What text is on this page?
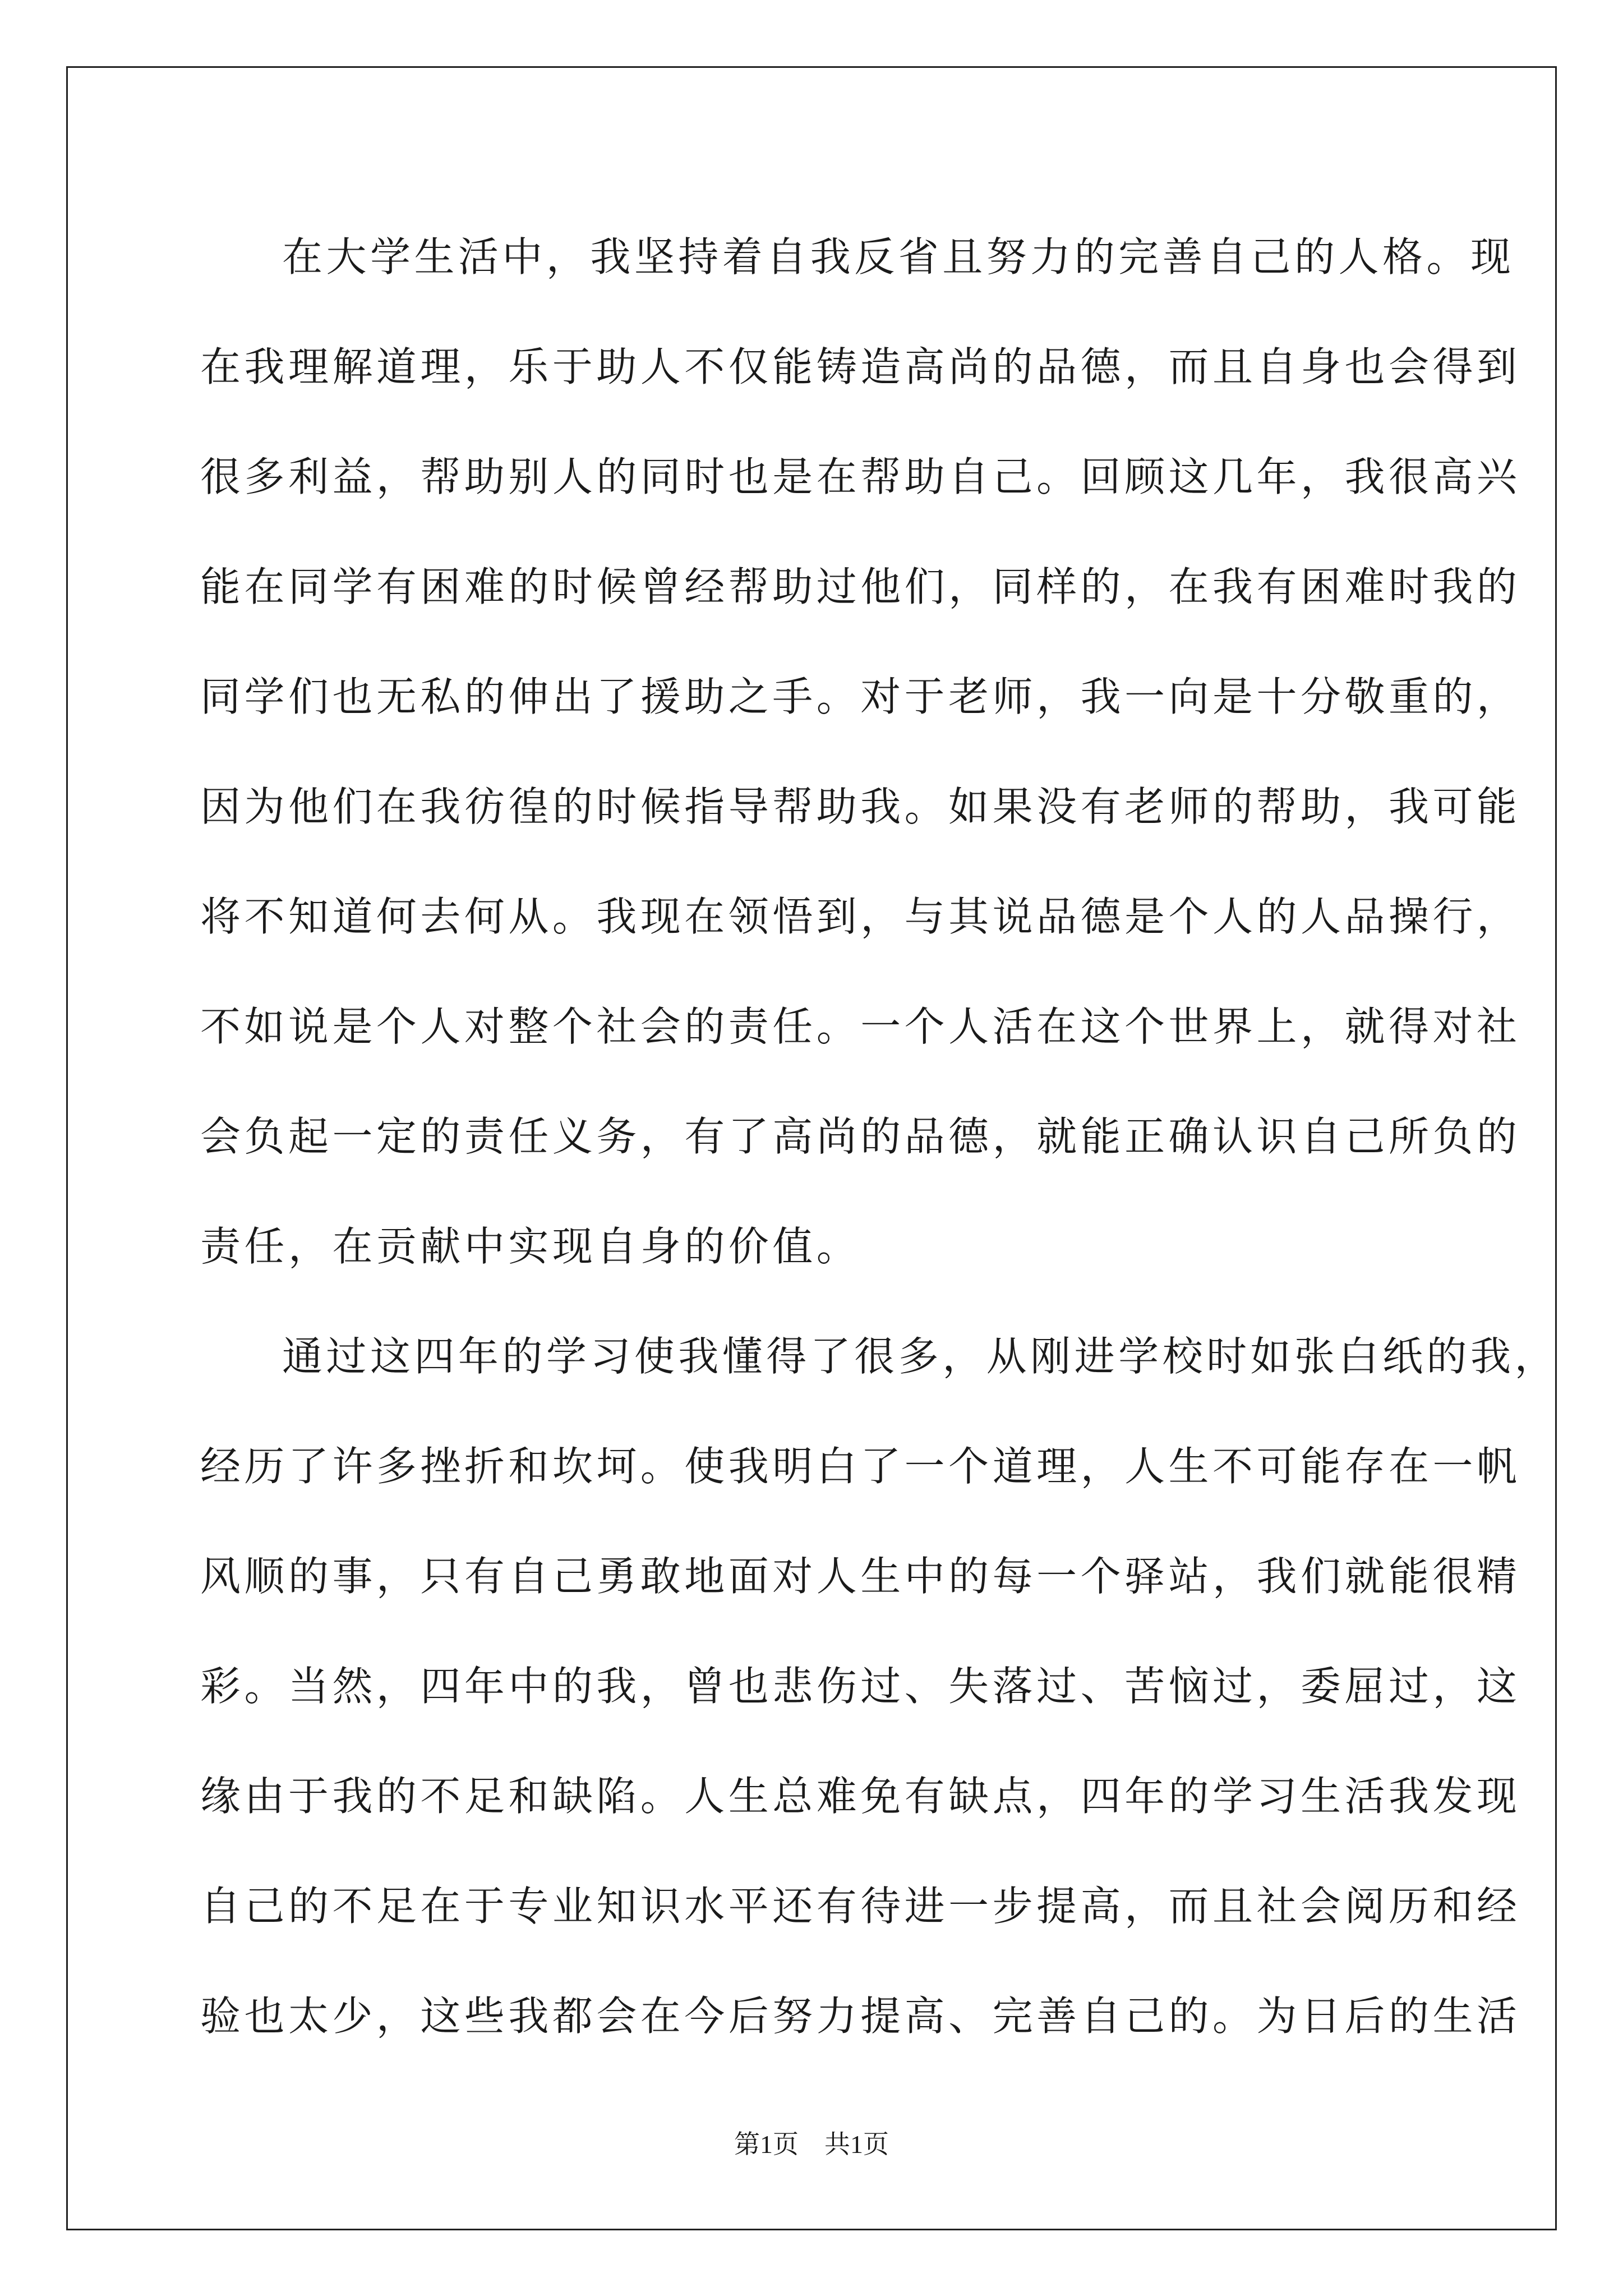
在大学生活中，我坚持着自我反省且努力的完善自己的人格。现
在我理解道理，乐于助人不仅能铸造高尚的品德，而且自身也会得到
很多利益，帮助别人的同时也是在帮助自己。回顾这几年，我很高兴
能在同学有困难的时候曾经帮助过他们，同样的，在我有困难时我的
同学们也无私的伸出了援助之手。对于老师，我一向是十分敬重的，
因为他们在我彷徨的时候指导帮助我。如果没有老师的帮助，我可能
将不知道何去何从。我现在领悟到，与其说品德是个人的人品操行，
不如说是个人对整个社会的责任。一个人活在这个世界上，就得对社
会负起一定的责任义务，有了高尚的品德，就能正确认识自己所负的
责任，在贡献中实现自身的价值。
通过这四年的学习使我懂得了很多，从刚进学校时如张白纸的我，
经历了许多挫折和坎坷。使我明白了一个道理，人生不可能存在一帆
风顺的事，只有自己勇敢地面对人生中的每一个驿站，我们就能很精
彩。当然，四年中的我，曾也悲伤过、失落过、苦恼过，委屈过，这
缘由于我的不足和缺陷。人生总难免有缺点，四年的学习生活我发现
自己的不足在于专业知识水平还有待进一步提高，而且社会阅历和经
验也太少，这些我都会在今后努力提高、完善自己的。为日后的生活
第1页　共1页
